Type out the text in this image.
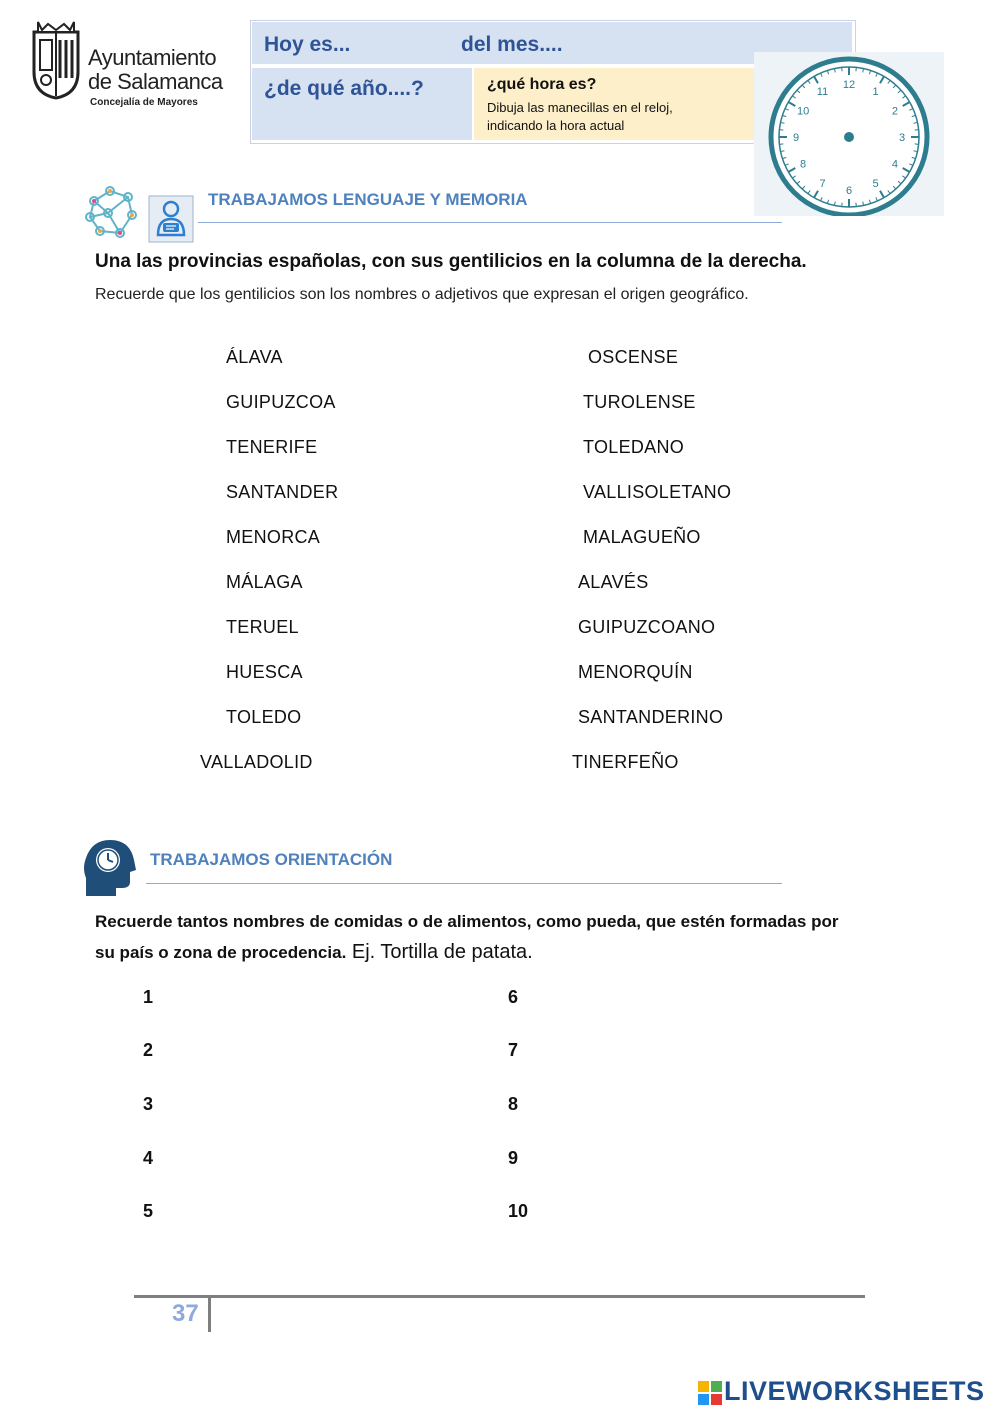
Ayuntamiento
de Salamanca
Concejalía de Mayores
Hoy es...	del mes....
¿de qué año....?	¿qué hora es?
Dibuja las manecillas en el reloj, indicando la hora actual
12
1
2
3
4
5
6
7
8
9
10
11
TRABAJAMOS LENGUAJE Y MEMORIA
Una las provincias españolas, con sus gentilicios en la columna de la derecha. Recuerde que los gentilicios son los nombres o adjetivos que expresan el origen geográfico.
ÁLAVA
GUIPUZCOA
TENERIFE
SANTANDER
MENORCA
MÁLAGA
TERUEL
HUESCA
TOLEDO
VALLADOLID
OSCENSE
TUROLENSE
TOLEDANO
VALLISOLETANO
MALAGUEÑO
ALAVÉS
GUIPUZCOANO
MENORQUÍN
SANTANDERINO
TINERFEÑO
TRABAJAMOS ORIENTACIÓN
Recuerde tantos nombres de comidas o de alimentos, como pueda, que estén formadas por su país o zona de procedencia. Ej. Tortilla de patata.
1
2
3
4
5
6
7
8
9
10
37
LIVEWORKSHEETS
